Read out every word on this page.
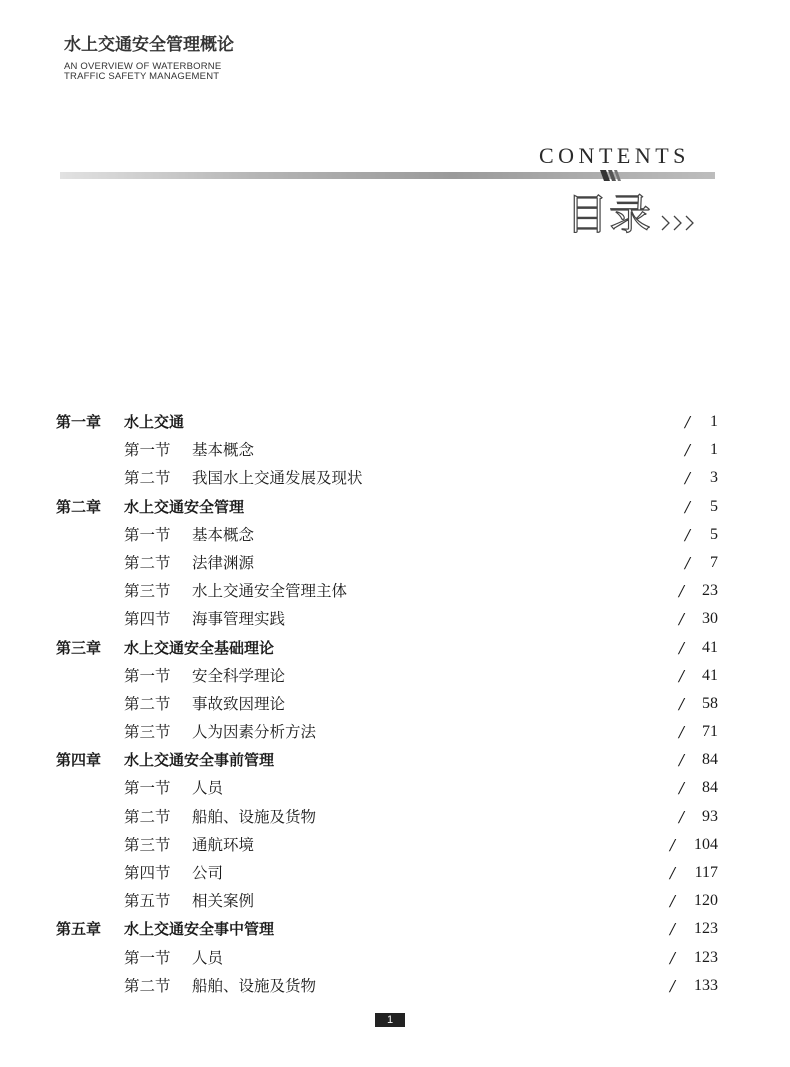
水上交通安全管理概论
AN OVERVIEW OF WATERBORNE
TRAFFIC SAFETY MANAGEMENT
CONTENTS
目录
第一章 水上交通	/ 1
第一节 基本概念	/ 1
第二节 我国水上交通发展及现状	/ 3
第二章 水上交通安全管理	/ 5
第一节 基本概念	/ 5
第二节 法律渊源	/ 7
第三节 水上交通安全管理主体	/ 23
第四节 海事管理实践	/ 30
第三章 水上交通安全基础理论	/ 41
第一节 安全科学理论	/ 41
第二节 事故致因理论	/ 58
第三节 人为因素分析方法	/ 71
第四章 水上交通安全事前管理	/ 84
第一节 人员	/ 84
第二节 船舶、设施及货物	/ 93
第三节 通航环境	/ 104
第四节 公司	/ 117
第五节 相关案例	/ 120
第五章 水上交通安全事中管理	/ 123
第一节 人员	/ 123
第二节 船舶、设施及货物	/ 133
1
